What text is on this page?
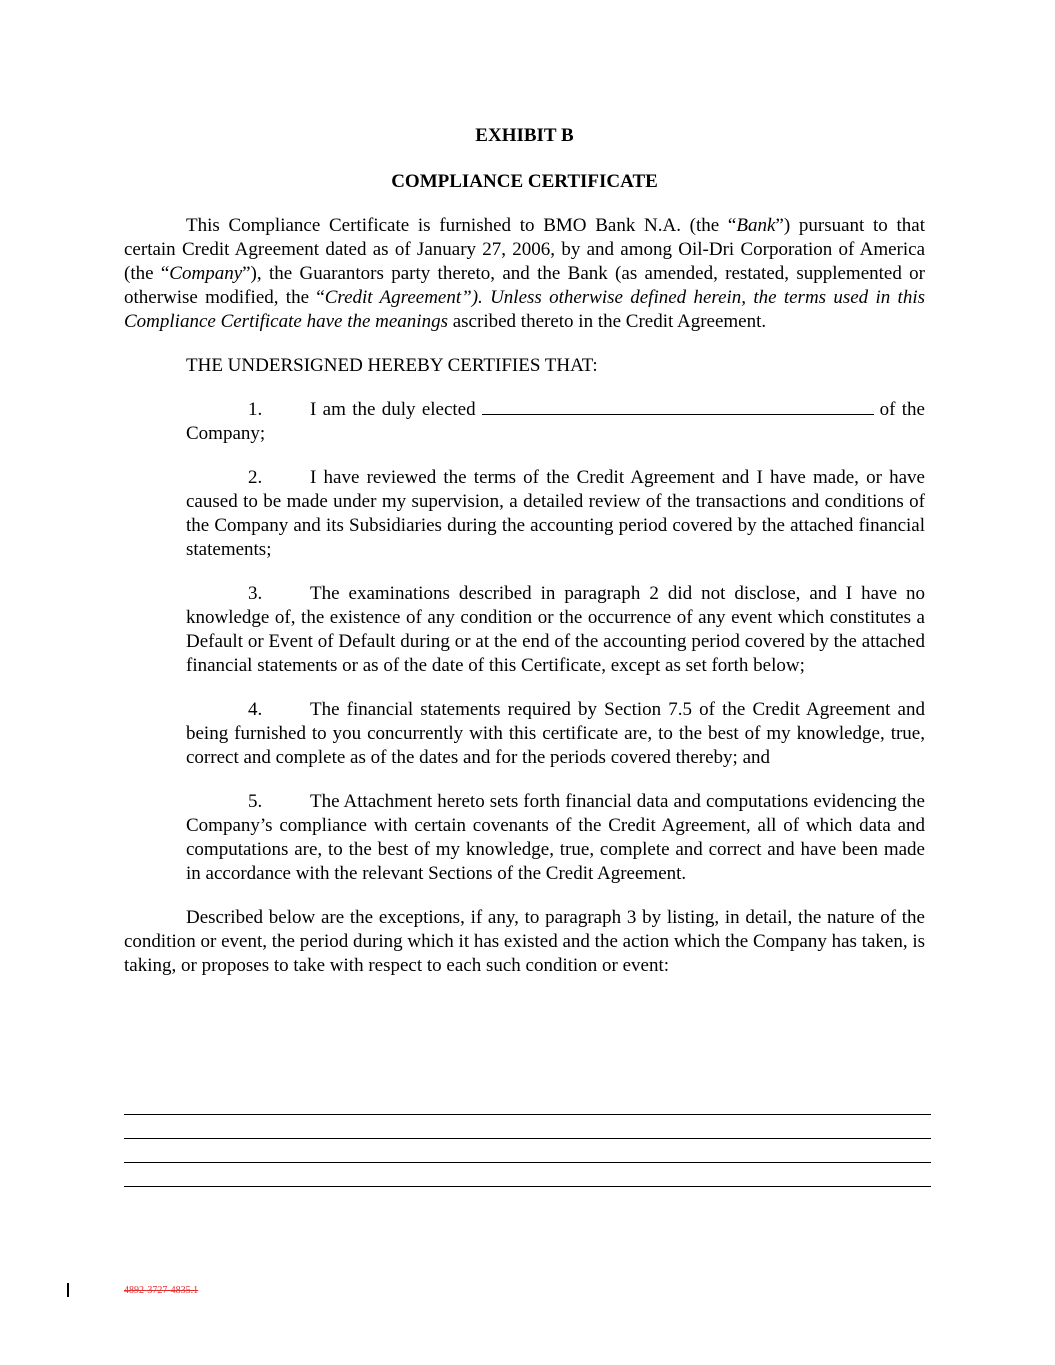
EXHIBIT B
COMPLIANCE CERTIFICATE

This Compliance Certificate is furnished to BMO Bank N.A. (the “Bank”) pursuant to that certain Credit Agreement dated as of January 27, 2006, by and among Oil-Dri Corporation of America (the “Company”), the Guarantors party thereto, and the Bank (as amended, restated, supplemented or otherwise modified, the “Credit Agreement”). Unless otherwise defined herein, the terms used in this Compliance Certificate have the meanings ascribed thereto in the Credit Agreement.

THE UNDERSIGNED HEREBY CERTIFIES THAT:

1.	I am the duly elected	of the Company;
2.	I have reviewed the terms of the Credit Agreement and I have made, or have caused to be made under my supervision, a detailed review of the transactions and conditions of the Company and its Subsidiaries during the accounting period covered by the attached financial statements;
3.	The examinations described in paragraph 2 did not disclose, and I have no knowledge of, the existence of any condition or the occurrence of any event which constitutes a Default or Event of Default during or at the end of the accounting period covered by the attached financial statements or as of the date of this Certificate, except as set forth below;
4.	The financial statements required by Section 7.5 of the Credit Agreement and being furnished to you concurrently with this certificate are, to the best of my knowledge, true, correct and complete as of the dates and for the periods covered thereby; and
5.	The Attachment hereto sets forth financial data and computations evidencing the Company’s compliance with certain covenants of the Credit Agreement, all of which data and computations are, to the best of my knowledge, true, complete and correct and have been made in accordance with the relevant Sections of the Credit Agreement.

Described below are the exceptions, if any, to paragraph 3 by listing, in detail, the nature of the condition or event, the period during which it has existed and the action which the Company has taken, is taking, or proposes to take with respect to each such condition or event:

4892-3727-4835.1
